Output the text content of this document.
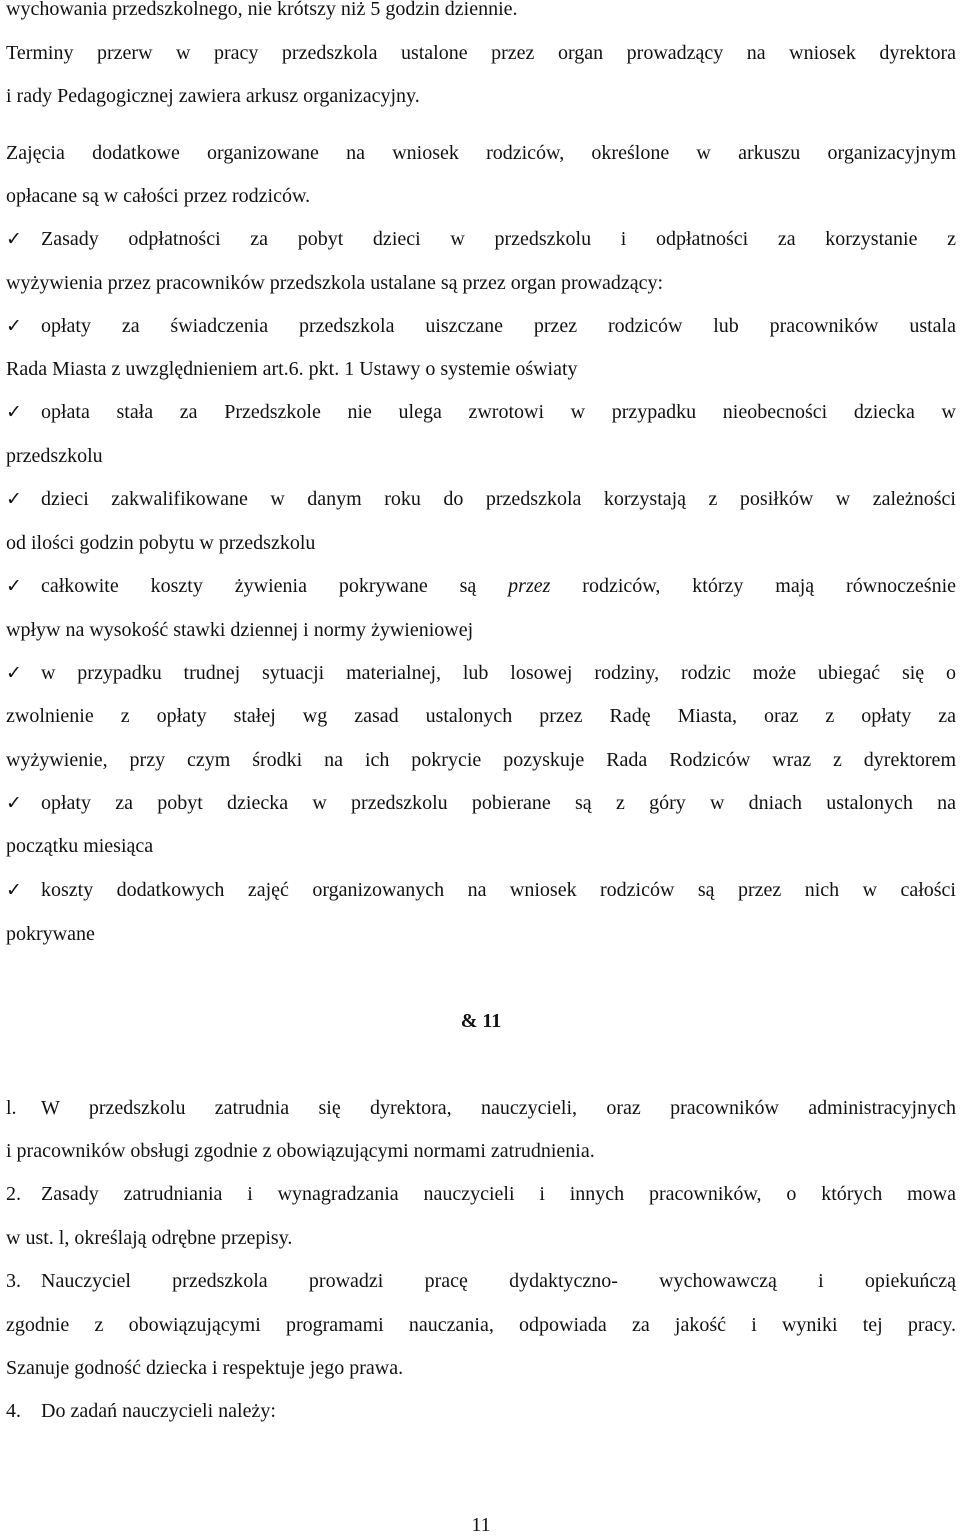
wychowania przedszkolnego, nie krótszy niż 5 godzin dziennie.
Terminy przerw w pracy przedszkola ustalone przez organ prowadzący na wniosek dyrektora
i rady Pedagogicznej zawiera arkusz organizacyjny.
Zajęcia dodatkowe organizowane na wniosek rodziców, określone w arkuszu organizacyjnym
opłacane są w całości przez rodziców.
✓ Zasady odpłatności za pobyt dzieci w przedszkolu i odpłatności za korzystanie z
wyżywienia przez pracowników przedszkola ustalane są przez organ prowadzący:
✓ opłaty za świadczenia przedszkola uiszczane przez rodziców lub pracowników ustala
Rada Miasta z uwzględnieniem art.6. pkt. 1 Ustawy o systemie oświaty
✓ opłata stała za Przedszkole nie ulega zwrotowi w przypadku nieobecności dziecka w
przedszkolu
✓ dzieci zakwalifikowane w danym roku do przedszkola korzystają z posiłków w zależności
od ilości godzin pobytu w przedszkolu
✓ całkowite koszty żywienia pokrywane są przez rodziców, którzy mają równocześnie
wpływ na wysokość stawki dziennej i normy żywieniowej
✓ w przypadku trudnej sytuacji materialnej, lub losowej rodziny, rodzic może ubiegać się o
zwolnienie z opłaty stałej wg zasad ustalonych przez Radę Miasta, oraz z opłaty za
wyżywienie, przy czym środki na ich pokrycie pozyskuje Rada Rodziców wraz z dyrektorem
✓ opłaty za pobyt dziecka w przedszkolu pobierane są z góry w dniach ustalonych na
początku miesiąca
✓ koszty dodatkowych zajęć organizowanych na wniosek rodziców są przez nich w całości
pokrywane
& 11
l. W przedszkolu zatrudnia się dyrektora, nauczycieli, oraz pracowników administracyjnych
i pracowników obsługi zgodnie z obowiązującymi normami zatrudnienia.
2. Zasady zatrudniania i wynagradzania nauczycieli i innych pracowników, o których mowa
w ust. l, określają odrębne przepisy.
3. Nauczyciel przedszkola prowadzi pracę dydaktyczno- wychowawczą i opiekuńczą
zgodnie z obowiązującymi programami nauczania, odpowiada za jakość i wyniki tej pracy.
Szanuje godność dziecka i respektuje jego prawa.
4. Do zadań nauczycieli należy:
11
